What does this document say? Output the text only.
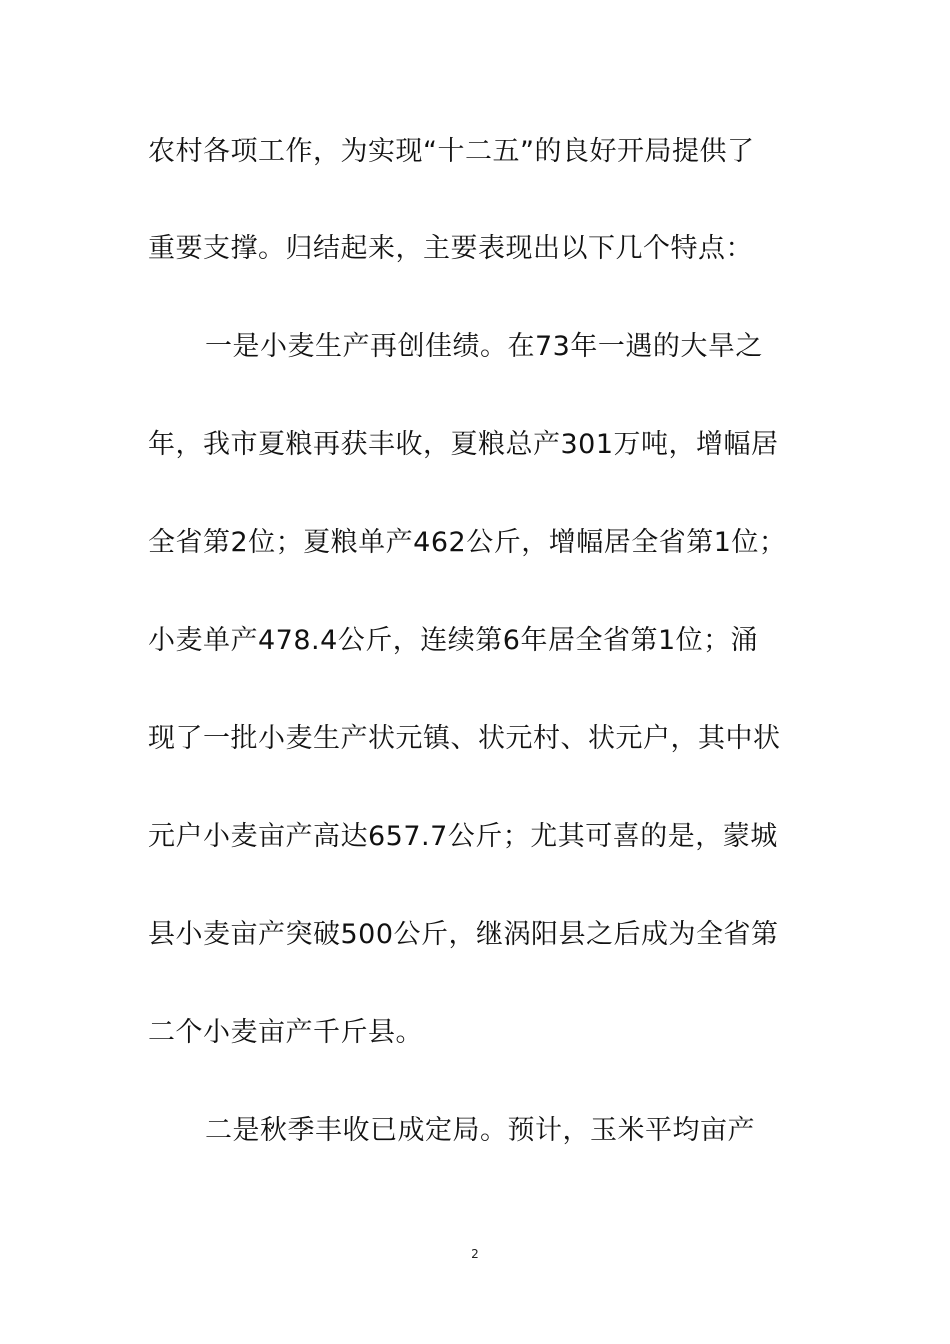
农村各项工作，为实现“十二五”的良好开局提供了
重要支撑。归结起来，主要表现出以下几个特点：
一是小麦生产再创佳绩。在73年一遇的大旱之
年，我市夏粮再获丰收，夏粮总产301万吨，增幅居
全省第2位；夏粮单产462公斤，增幅居全省第1位；
小麦单产478.4公斤，连续第6年居全省第1位；涌
现了一批小麦生产状元镇、状元村、状元户，其中状
元户小麦亩产高达657.7公斤；尤其可喜的是，蒙城
县小麦亩产突破500公斤，继涡阳县之后成为全省第
二个小麦亩产千斤县。
二是秋季丰收已成定局。预计，玉米平均亩产
2
